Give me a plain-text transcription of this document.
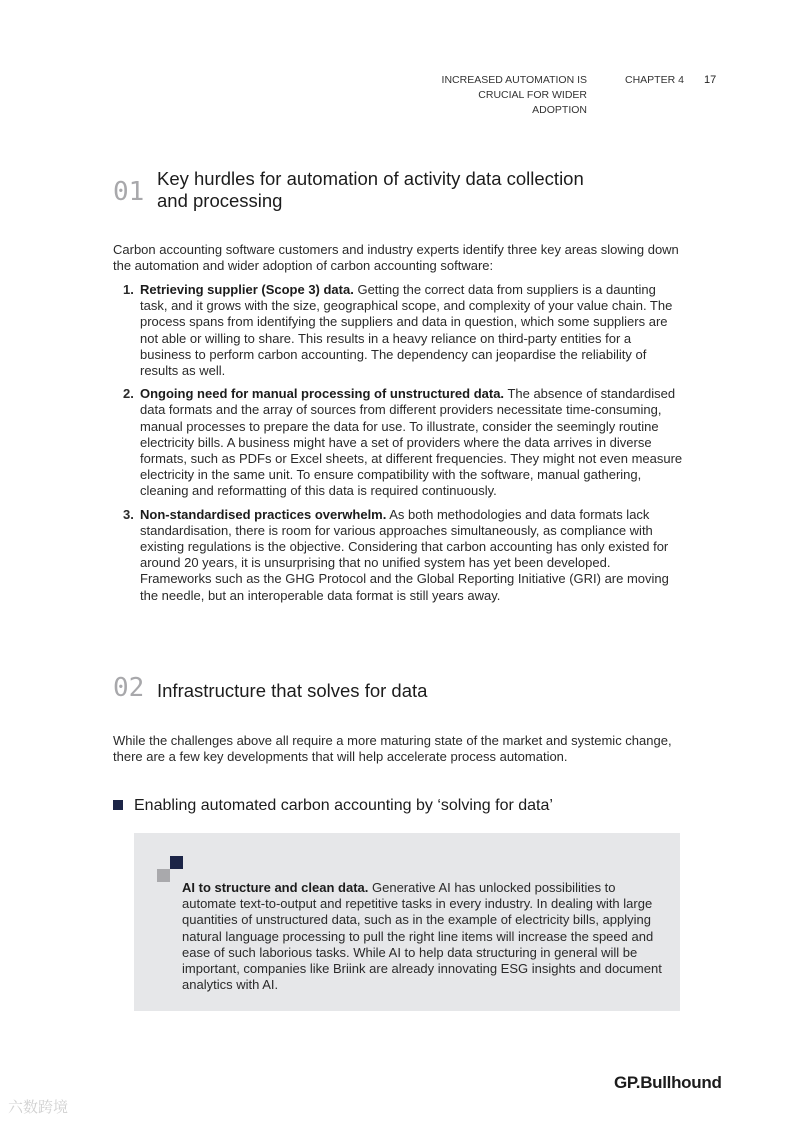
INCREASED AUTOMATION IS
CRUCIAL FOR WIDER ADOPTION
CHAPTER 4 17
01 Key hurdles for automation of activity data collection
and processing
Carbon accounting software customers and industry experts identify three key areas slowing down the automation and wider adoption of carbon accounting software:
1. Retrieving supplier (Scope 3) data. Getting the correct data from suppliers is a daunting task, and it grows with the size, geographical scope, and complexity of your value chain. The process spans from identifying the suppliers and data in question, which some suppliers are not able or willing to share. This results in a heavy reliance on third-party entities for a business to perform carbon accounting. The dependency can jeopardise the reliability of results as well.
2. Ongoing need for manual processing of unstructured data. The absence of standardised data formats and the array of sources from different providers necessitate time-consuming, manual processes to prepare the data for use. To illustrate, consider the seemingly routine electricity bills. A business might have a set of providers where the data arrives in diverse formats, such as PDFs or Excel sheets, at different frequencies. They might not even measure electricity in the same unit. To ensure compatibility with the software, manual gathering, cleaning and reformatting of this data is required continuously.
3. Non-standardised practices overwhelm. As both methodologies and data formats lack standardisation, there is room for various approaches simultaneously, as compliance with existing regulations is the objective. Considering that carbon accounting has only existed for around 20 years, it is unsurprising that no unified system has yet been developed. Frameworks such as the GHG Protocol and the Global Reporting Initiative (GRI) are moving the needle, but an interoperable data format is still years away.
02 Infrastructure that solves for data
While the challenges above all require a more maturing state of the market and systemic change, there are a few key developments that will help accelerate process automation.
Enabling automated carbon accounting by ‘solving for data’
AI to structure and clean data. Generative AI has unlocked possibilities to automate text-to-output and repetitive tasks in every industry. In dealing with large quantities of unstructured data, such as in the example of electricity bills, applying natural language processing to pull the right line items will increase the speed and ease of such laborious tasks. While AI to help data structuring in general will be important, companies like Briink are already innovating ESG insights and document analytics with AI.
GP.Bullhound
六数跨境
